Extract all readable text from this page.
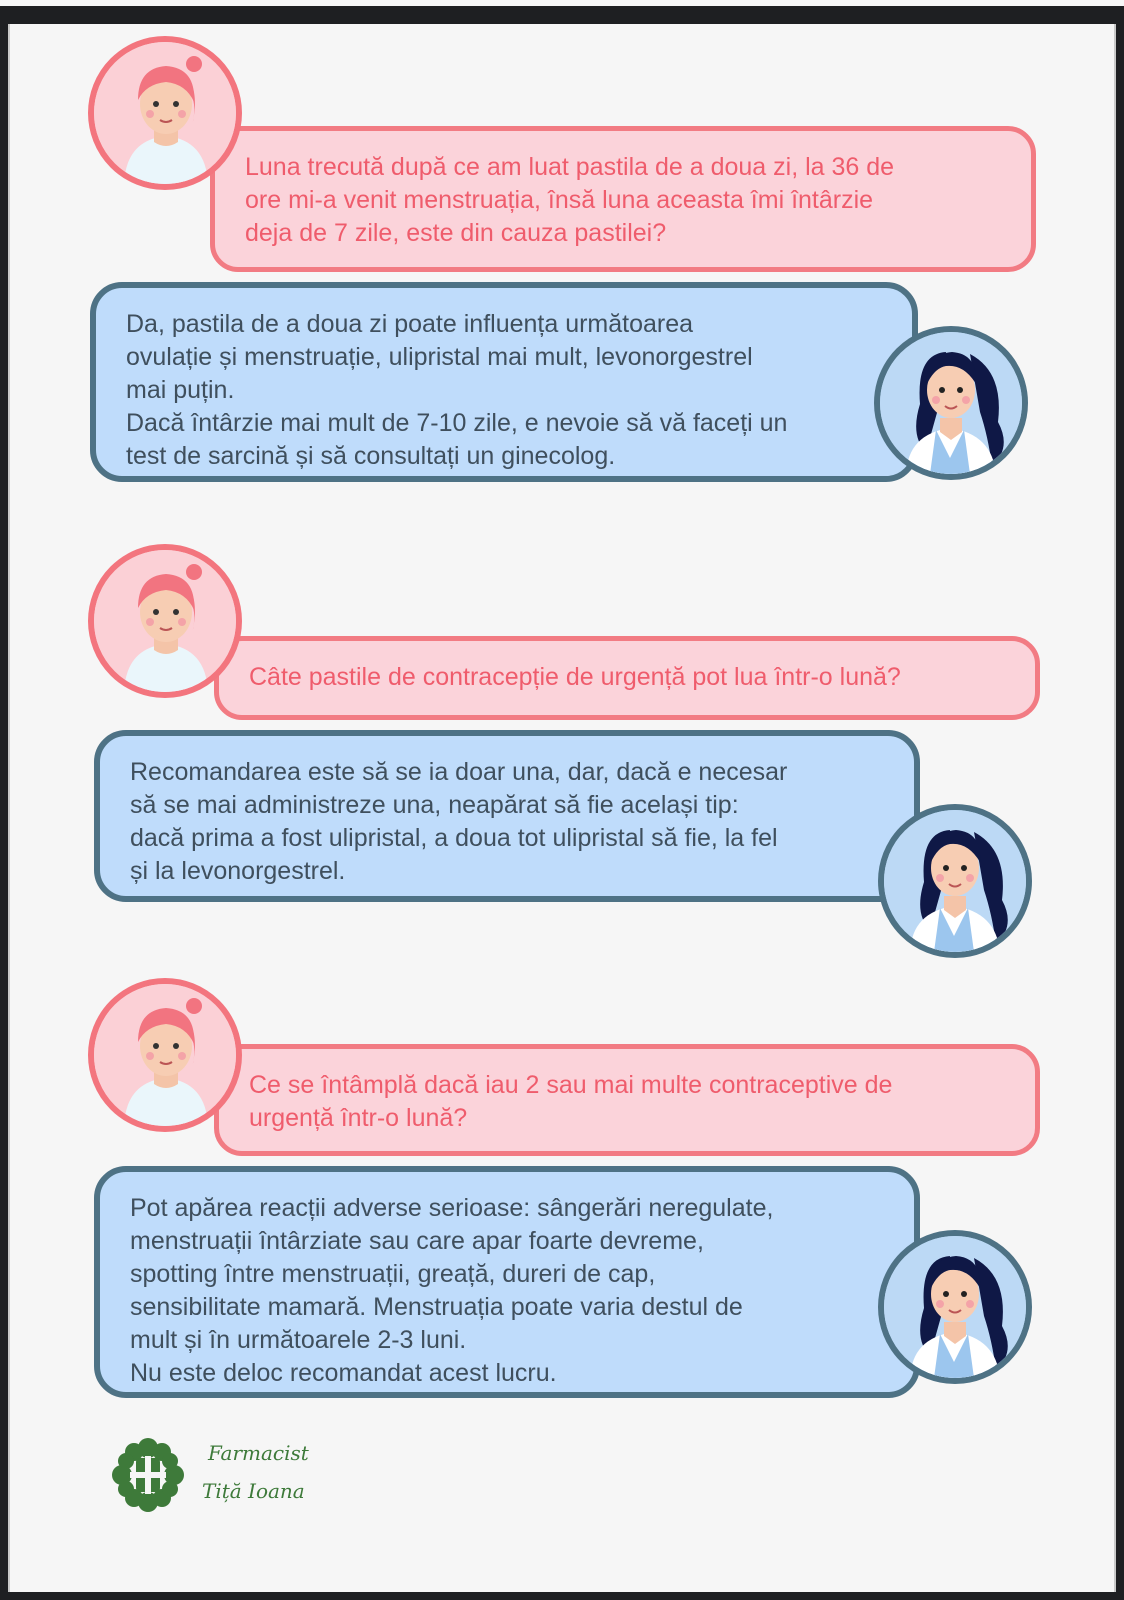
Luna trecută după ce am luat pastila de a doua zi, la 36 de
ore mi-a venit menstruația, însă luna aceasta îmi întârzie
deja de 7 zile, este din cauza pastilei?
Da, pastila de a doua zi poate influența următoarea
ovulație și menstruație, ulipristal mai mult, levonorgestrel
mai puțin.
Dacă întârzie mai mult de 7-10 zile, e nevoie să vă faceți un
test de sarcină și să consultați un ginecolog.
Câte pastile de contracepție de urgență pot lua într-o lună?
Recomandarea este să se ia doar una, dar, dacă e necesar
să se mai administreze una, neapărat să fie același tip:
dacă prima a fost ulipristal, a doua tot ulipristal să fie, la fel
și la levonorgestrel.
Ce se întâmplă dacă iau 2 sau mai multe contraceptive de
urgență într-o lună?
Pot apărea reacții adverse serioase: sângerări neregulate,
menstruații întârziate sau care apar foarte devreme,
spotting între menstruații, greață, dureri de cap,
sensibilitate mamară. Menstruația poate varia destul de
mult și în următoarele 2-3 luni.
Nu este deloc recomandat acest lucru.
Farmacist
Tiță Ioana
